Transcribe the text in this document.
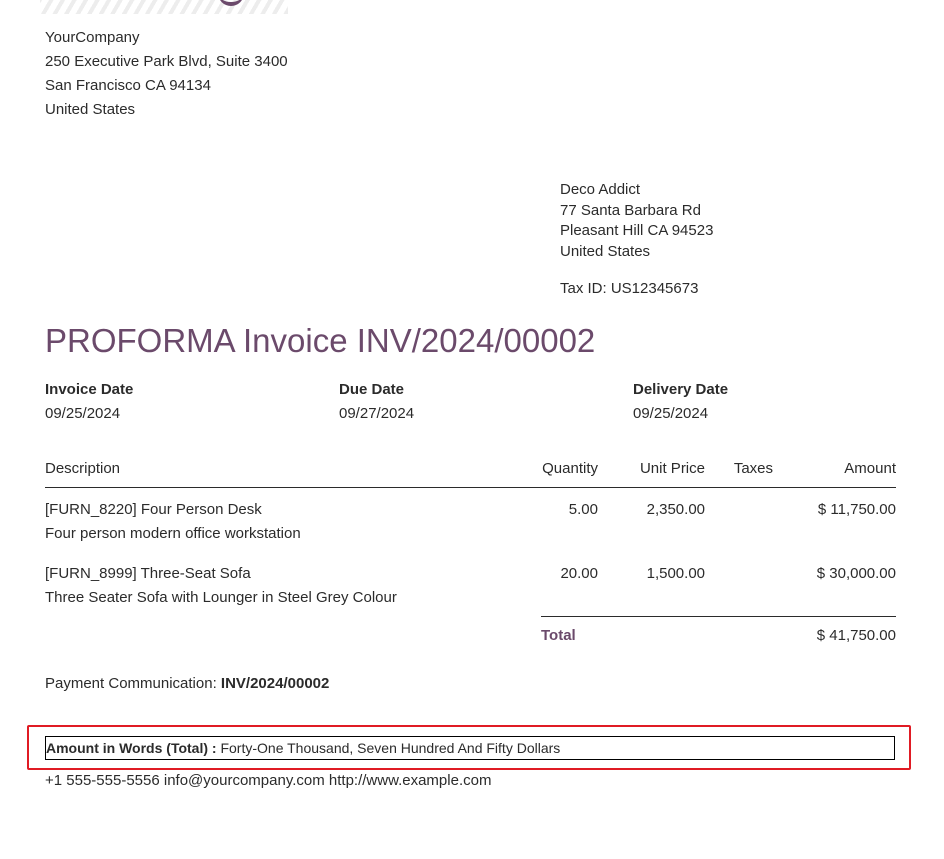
YourCompany
250 Executive Park Blvd, Suite 3400
San Francisco CA 94134
United States
Deco Addict
77 Santa Barbara Rd
Pleasant Hill CA 94523
United States
Tax ID: US12345673
PROFORMA Invoice INV/2024/00002
Invoice Date
09/25/2024
Due Date
09/27/2024
Delivery Date
09/25/2024
Description	Quantity	Unit Price	Taxes	Amount

[FURN_8220] Four Person Desk
Four person modern office workstation	5.00	2,350.00		$ 11,750.00

[FURN_8999] Three-Seat Sofa
Three Seater Sofa with Lounger in Steel Grey Colour	20.00	1,500.00		$ 30,000.00
Total	$ 41,750.00
Payment Communication: INV/2024/00002
Amount in Words (Total) : Forty-One Thousand, Seven Hundred And Fifty Dollars
+1 555-555-5556 info@yourcompany.com http://www.example.com
